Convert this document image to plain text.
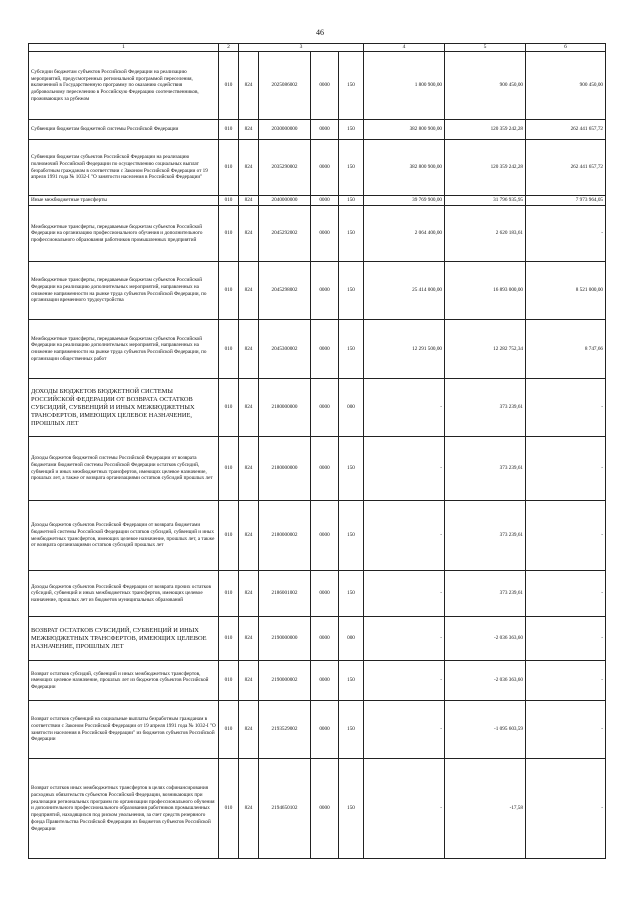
46
1	2	3				4	5	6
Субсидии бюджетам субъектов Российской Федерации на реализацию мероприятий, предусмотренных региональной программой переселения, включенной в Государственную программу по оказанию содействия добровольному переселению в Российскую Федерацию соотечественников, проживающих за рубежом	010	824	2025086002	0000	150	1 800 900,00	900 450,00	900 450,00
Субвенции бюджетам бюджетной системы Российской Федерации	010	824	2030000000	0000	150	382 800 900,00	120 359 242,28	262 441 657,72
Субвенции бюджетам субъектов Российской Федерации на реализацию полномочий Российской Федерации по осуществлению социальных выплат безработным гражданам в соответствии с Законом Российской Федерации от 19 апреля 1991 года № 1032-I "О занятости населения в Российской Федерации"	010	824	2035290002	0000	150	382 800 900,00	120 359 242,28	262 441 657,72
Иные межбюджетные трансферты	010	824	2040000000	0000	150	39 769 900,00	31 796 935,95	7 973 964,05
Межбюджетные трансферты, передаваемые бюджетам субъектов Российской Федерации на организацию профессионального обучения и дополнительного профессионального образования работников промышленных предприятий	010	824	2045292002	0000	150	2 064 400,00	2 620 183,61	-
Межбюджетные трансферты, передаваемые бюджетам субъектов Российской Федерации на реализацию дополнительных мероприятий, направленных на снижение напряженности на рынке труда субъектов Российской Федерации, по организации временного трудоустройства	010	824	2045298002	0000	150	25 414 000,00	16 893 000,00	8 521 000,00
Межбюджетные трансферты, передаваемые бюджетам субъектов Российской Федерации на реализацию дополнительных мероприятий, направленных на снижение напряженности на рынке труда субъектов Российской Федерации, по организации общественных работ	010	824	2045300002	0000	150	12 291 500,00	12 282 752,34	8 747,66
ДОХОДЫ БЮДЖЕТОВ БЮДЖЕТНОЙ СИСТЕМЫ РОССИЙСКОЙ ФЕДЕРАЦИИ ОТ ВОЗВРАТА ОСТАТКОВ СУБСИДИЙ, СУБВЕНЦИЙ И ИНЫХ МЕЖБЮДЖЕТНЫХ ТРАНСФЕРТОВ, ИМЕЮЩИХ ЦЕЛЕВОЕ НАЗНАЧЕНИЕ, ПРОШЛЫХ ЛЕТ	010	824	2180000000	0000	000	-	373 239,61	-
Доходы бюджетов бюджетной системы Российской Федерации от возврата бюджетами бюджетной системы Российской Федерации остатков субсидий, субвенций и иных межбюджетных трансфертов, имеющих целевое назначение, прошлых лет, а также от возврата организациями остатков субсидий прошлых лет	010	824	2180000000	0000	150	-	373 239,61	-
Доходы бюджетов субъектов Российской Федерации от возврата бюджетами бюджетной системы Российской Федерации остатков субсидий, субвенций и иных межбюджетных трансфертов, имеющих целевое назначение, прошлых лет, а также от возврата организациями остатков субсидий прошлых лет	010	824	2180000002	0000	150	-	373 239,61	-
Доходы бюджетов субъектов Российской Федерации от возврата прочих остатков субсидий, субвенций и иных межбюджетных трансфертов, имеющих целевое назначение, прошлых лет из бюджетов муниципальных образований	010	824	2186001002	0000	150	-	373 239,61	-
ВОЗВРАТ ОСТАТКОВ СУБСИДИЙ, СУБВЕНЦИЙ И ИНЫХ МЕЖБЮДЖЕТНЫХ ТРАНСФЕРТОВ, ИМЕЮЩИХ ЦЕЛЕВОЕ НАЗНАЧЕНИЕ, ПРОШЛЫХ ЛЕТ	010	824	2190000000	0000	000	-	-2 036 363,60	-
Возврат остатков субсидий, субвенций и иных межбюджетных трансфертов, имеющих целевое назначение, прошлых лет из бюджетов субъектов Российской Федерации	010	824	2190000002	0000	150	-	-2 036 363,60	-
Возврат остатков субвенций на социальные выплаты безработным гражданам в соответствии с Законом Российской Федерации от 19 апреля 1991 года № 1032-I "О занятости населения в Российской Федерации" из бюджетов субъектов Российской Федерации	010	824	2193529002	0000	150	-	-1 095 603,59	-
Возврат остатков иных межбюджетных трансфертов в целях софинансирования расходных обязательств субъектов Российской Федерации, возникающих при реализации региональных программ по организации профессионального обучения и дополнительного профессионального образования работников промышленных предприятий, находящихся под риском увольнения, за счет средств резервного фонда Правительства Российской Федерации из бюджетов субъектов Российской Федерации	010	824	2194650102	0000	150	-	-17,58	-
